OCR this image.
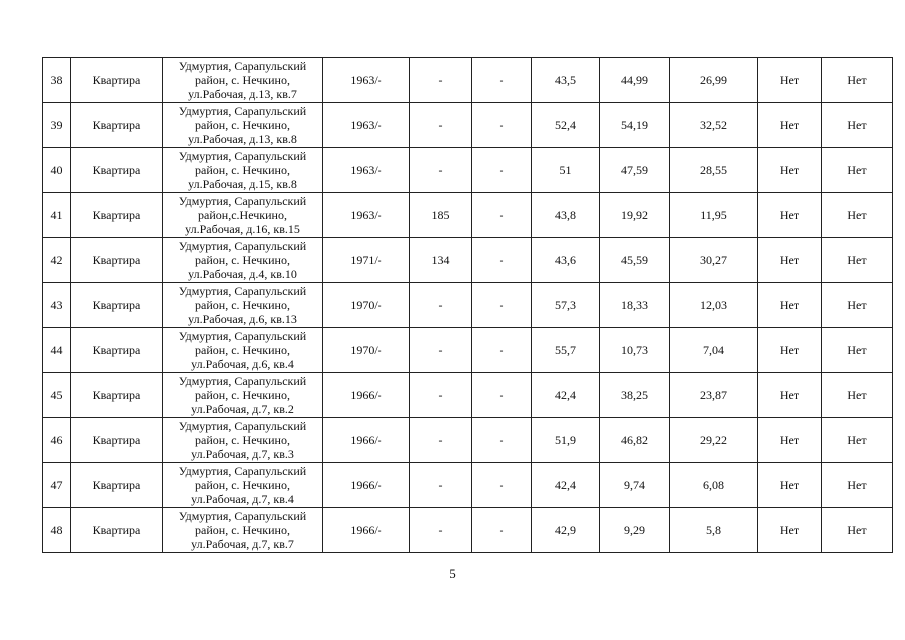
38	Квартира	Удмуртия, Сарапульский
район, с. Нечкино,
ул.Рабочая, д.13, кв.7	1963/-	-	-	43,5	44,99	26,99	Нет	Нет
39	Квартира	Удмуртия, Сарапульский
район, с. Нечкино,
ул.Рабочая, д.13, кв.8	1963/-	-	-	52,4	54,19	32,52	Нет	Нет
40	Квартира	Удмуртия, Сарапульский
район, с. Нечкино,
ул.Рабочая, д.15, кв.8	1963/-	-	-	51	47,59	28,55	Нет	Нет
41	Квартира	Удмуртия, Сарапульский
район,с.Нечкино,
ул.Рабочая, д.16, кв.15	1963/-	185	-	43,8	19,92	11,95	Нет	Нет
42	Квартира	Удмуртия, Сарапульский
район, с. Нечкино,
ул.Рабочая, д.4, кв.10	1971/-	134	-	43,6	45,59	30,27	Нет	Нет
43	Квартира	Удмуртия, Сарапульский
район, с. Нечкино,
ул.Рабочая, д.6, кв.13	1970/-	-	-	57,3	18,33	12,03	Нет	Нет
44	Квартира	Удмуртия, Сарапульский
район, с. Нечкино,
ул.Рабочая, д.6, кв.4	1970/-	-	-	55,7	10,73	7,04	Нет	Нет
45	Квартира	Удмуртия, Сарапульский
район, с. Нечкино,
ул.Рабочая, д.7, кв.2	1966/-	-	-	42,4	38,25	23,87	Нет	Нет
46	Квартира	Удмуртия, Сарапульский
район, с. Нечкино,
ул.Рабочая, д.7, кв.3	1966/-	-	-	51,9	46,82	29,22	Нет	Нет
47	Квартира	Удмуртия, Сарапульский
район, с. Нечкино,
ул.Рабочая, д.7, кв.4	1966/-	-	-	42,4	9,74	6,08	Нет	Нет
48	Квартира	Удмуртия, Сарапульский
район, с. Нечкино,
ул.Рабочая, д.7, кв.7	1966/-	-	-	42,9	9,29	5,8	Нет	Нет
5
